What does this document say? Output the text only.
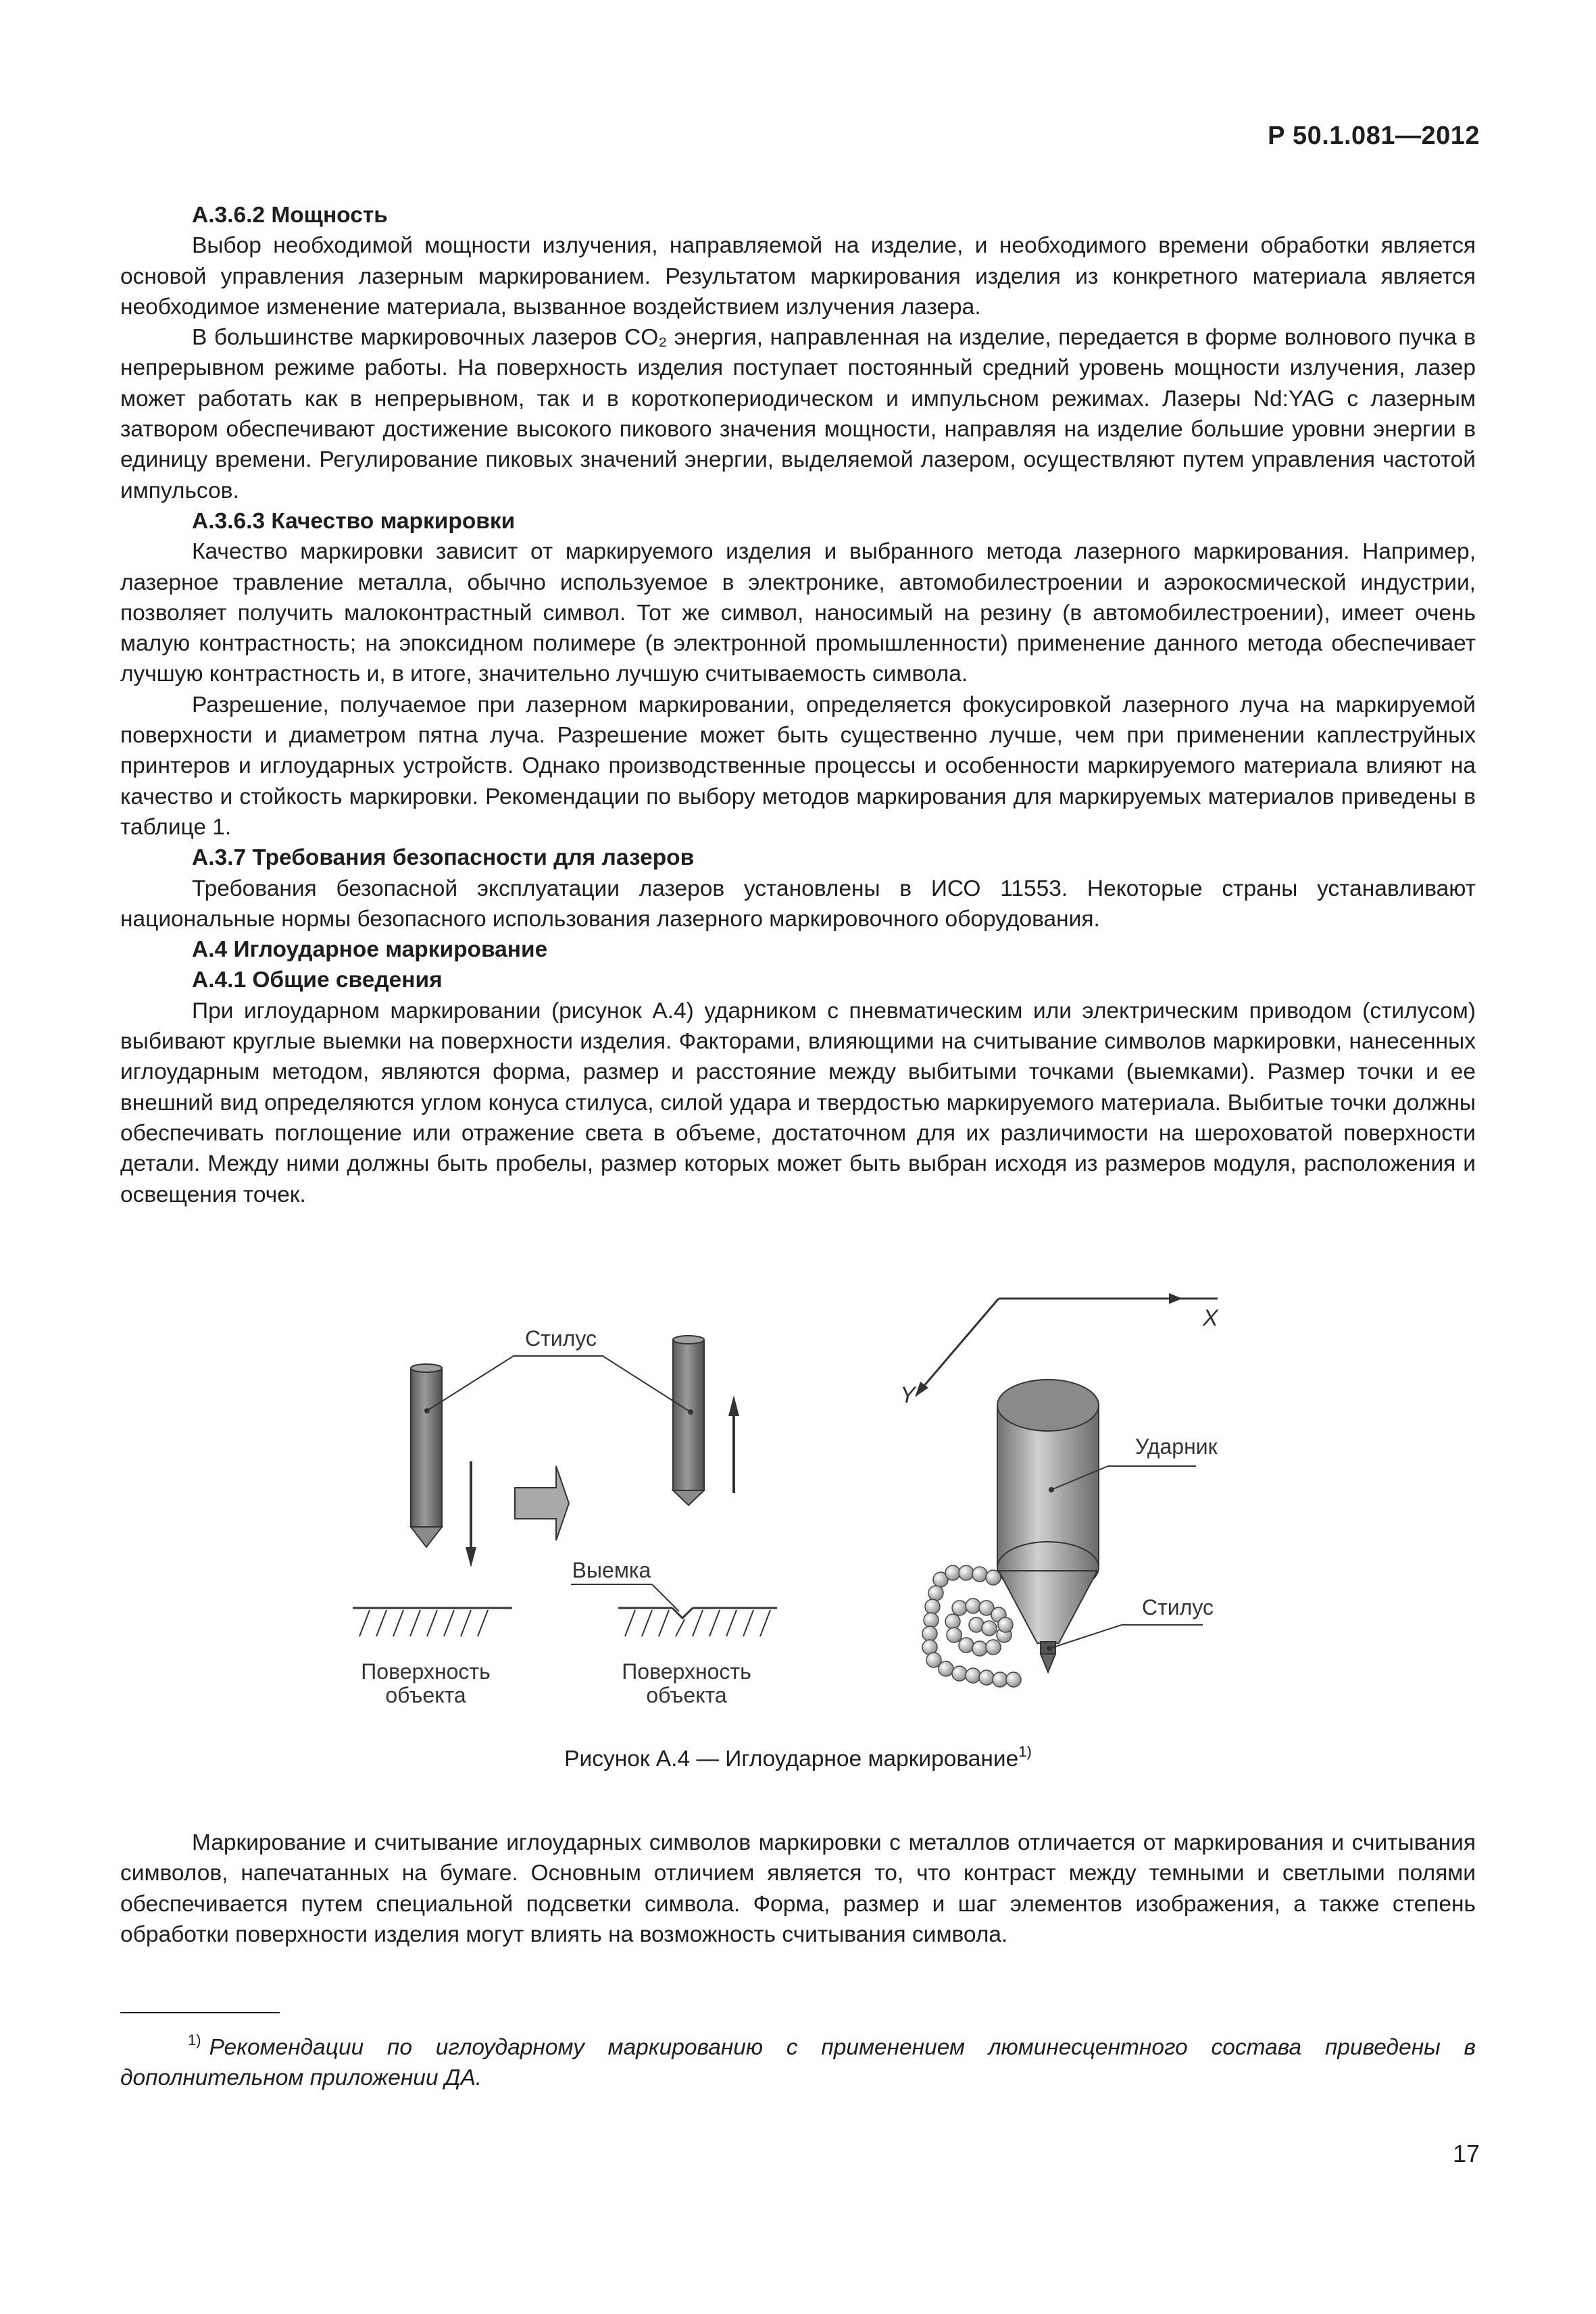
Р 50.1.081—2012
А.3.6.2 Мощность

Выбор необходимой мощности излучения, направляемой на изделие, и необходимого времени обработки является основой управления лазерным маркированием. Результатом маркирования изделия из конкретного материала является необходимое изменение материала, вызванное воздействием излучения лазера.

В большинстве маркировочных лазеров CO₂ энергия, направленная на изделие, передается в форме волнового пучка в непрерывном режиме работы. На поверхность изделия поступает постоянный средний уровень мощности излучения, лазер может работать как в непрерывном, так и в короткопериодическом и импульсном режимах. Лазеры Nd:YAG с лазерным затвором обеспечивают достижение высокого пикового значения мощности, направляя на изделие большие уровни энергии в единицу времени. Регулирование пиковых значений энергии, выделяемой лазером, осуществляют путем управления частотой импульсов.

А.3.6.3 Качество маркировки

Качество маркировки зависит от маркируемого изделия и выбранного метода лазерного маркирования. Например, лазерное травление металла, обычно используемое в электронике, автомобилестроении и аэрокосмической индустрии, позволяет получить малоконтрастный символ. Тот же символ, наносимый на резину (в автомобилестроении), имеет очень малую контрастность; на эпоксидном полимере (в электронной промышленности) применение данного метода обеспечивает лучшую контрастность и, в итоге, значительно лучшую считываемость символа.

Разрешение, получаемое при лазерном маркировании, определяется фокусировкой лазерного луча на маркируемой поверхности и диаметром пятна луча. Разрешение может быть существенно лучше, чем при применении каплеструйных принтеров и иглоударных устройств. Однако производственные процессы и особенности маркируемого материала влияют на качество и стойкость маркировки. Рекомендации по выбору методов маркирования для маркируемых материалов приведены в таблице 1.

А.3.7 Требования безопасности для лазеров

Требования безопасной эксплуатации лазеров установлены в ИСО 11553. Некоторые страны устанавливают национальные нормы безопасного использования лазерного маркировочного оборудования.

А.4 Иглоударное маркирование
А.4.1 Общие сведения

При иглоударном маркировании (рисунок А.4) ударником с пневматическим или электрическим приводом (стилусом) выбивают круглые выемки на поверхности изделия. Факторами, влияющими на считывание символов маркировки, нанесенных иглоударным методом, являются форма, размер и расстояние между выбитыми точками (выемками). Размер точки и ее внешний вид определяются углом конуса стилуса, силой удара и твердостью маркируемого материала. Выбитые точки должны обеспечивать поглощение или отражение света в объеме, достаточном для их различимости на шероховатой поверхности детали. Между ними должны быть пробелы, размер которых может быть выбран исходя из размеров модуля, расположения и освещения точек.

Поверхность
объекта
Стилус
Выемка
Поверхность
объекта
X
Y
Ударник
Стилус
Рисунок А.4 — Иглоударное маркирование$^{1)}$

Маркирование и считывание иглоударных символов маркировки с металлов отличается от маркирования и считывания символов, напечатанных на бумаге. Основным отличием является то, что контраст между темными и светлыми полями обеспечивается путем специальной подсветки символа. Форма, размер и шаг элементов изображения, а также степень обработки поверхности изделия могут влиять на возможность считывания символа.

$^{1)}$ Рекомендации по иглоударному маркированию с применением люминесцентного состава приведены в дополнительном приложении ДА.
17
